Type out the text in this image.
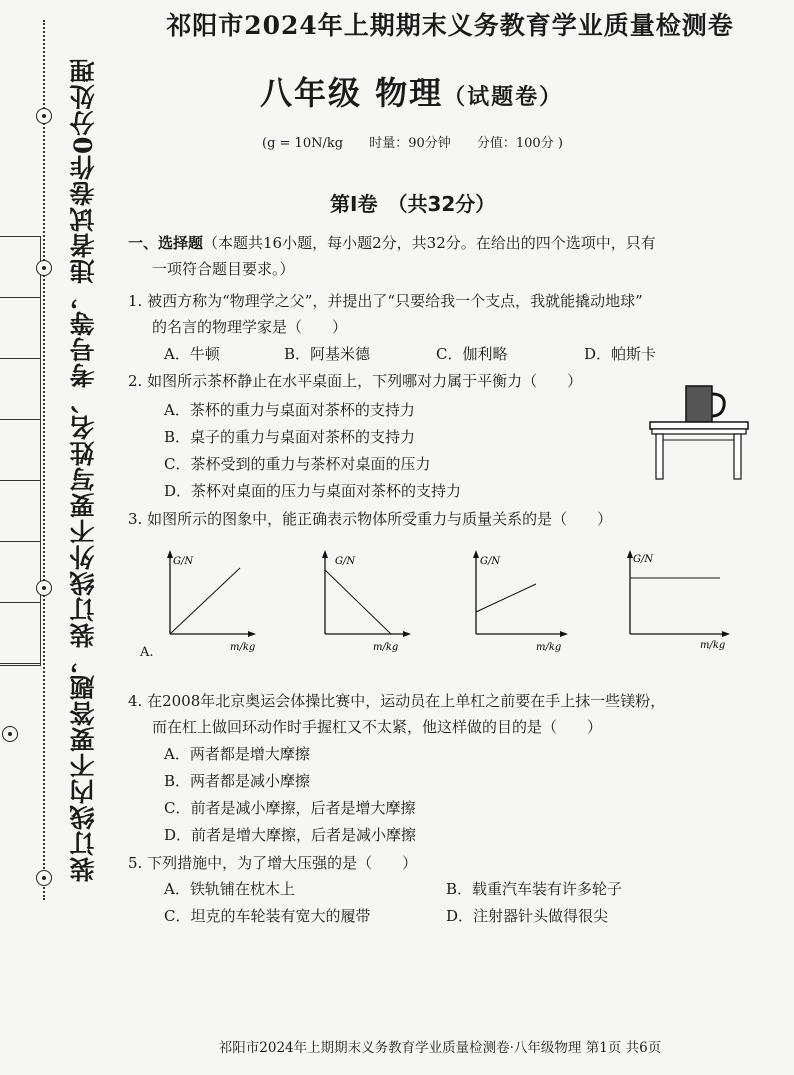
装订线内不要答题，装订线外不要写姓名、考号等，违者试卷作0分处理
祁阳市2024年上期期末义务教育学业质量检测卷
八年级 物理（试题卷）
(g = 10N/kg 时量：90分钟 分值：100分 )
第Ⅰ卷　（共32分）
一、选择题（本题共16小题，每小题2分，共32分。在给出的四个选项中，只有
一项符合题目要求。）
1. 被西方称为“物理学之父”，并提出了“只要给我一个支点，我就能撬动地球”
的名言的物理学家是（　　）
A．牛顿	B．阿基米德	C．伽利略	D．帕斯卡
2. 如图所示茶杯静止在水平桌面上，下列哪对力属于平衡力（　　）
A．茶杯的重力与桌面对茶杯的支持力
B．桌子的重力与桌面对茶杯的支持力
C．茶杯受到的重力与茶杯对桌面的压力
D．茶杯对桌面的压力与桌面对茶杯的支持力
3. 如图所示的图象中，能正确表示物体所受重力与质量关系的是（　　）
A.
G/N
m/kg
G/N
m/kg
G/N
m/kg
G/N
m/kg
4. 在2008年北京奥运会体操比赛中，运动员在上单杠之前要在手上抹一些镁粉，
而在杠上做回环动作时手握杠又不太紧，他这样做的目的是（　　）
A．两者都是增大摩擦
B．两者都是减小摩擦
C．前者是减小摩擦，后者是增大摩擦
D．前者是增大摩擦，后者是减小摩擦
5. 下列措施中，为了增大压强的是（　　）
A．铁轨铺在枕木上	B．载重汽车装有许多轮子
C．坦克的车轮装有宽大的履带	D．注射器针头做得很尖
祁阳市2024年上期期末义务教育学业质量检测卷·八年级物理 第1页 共6页
